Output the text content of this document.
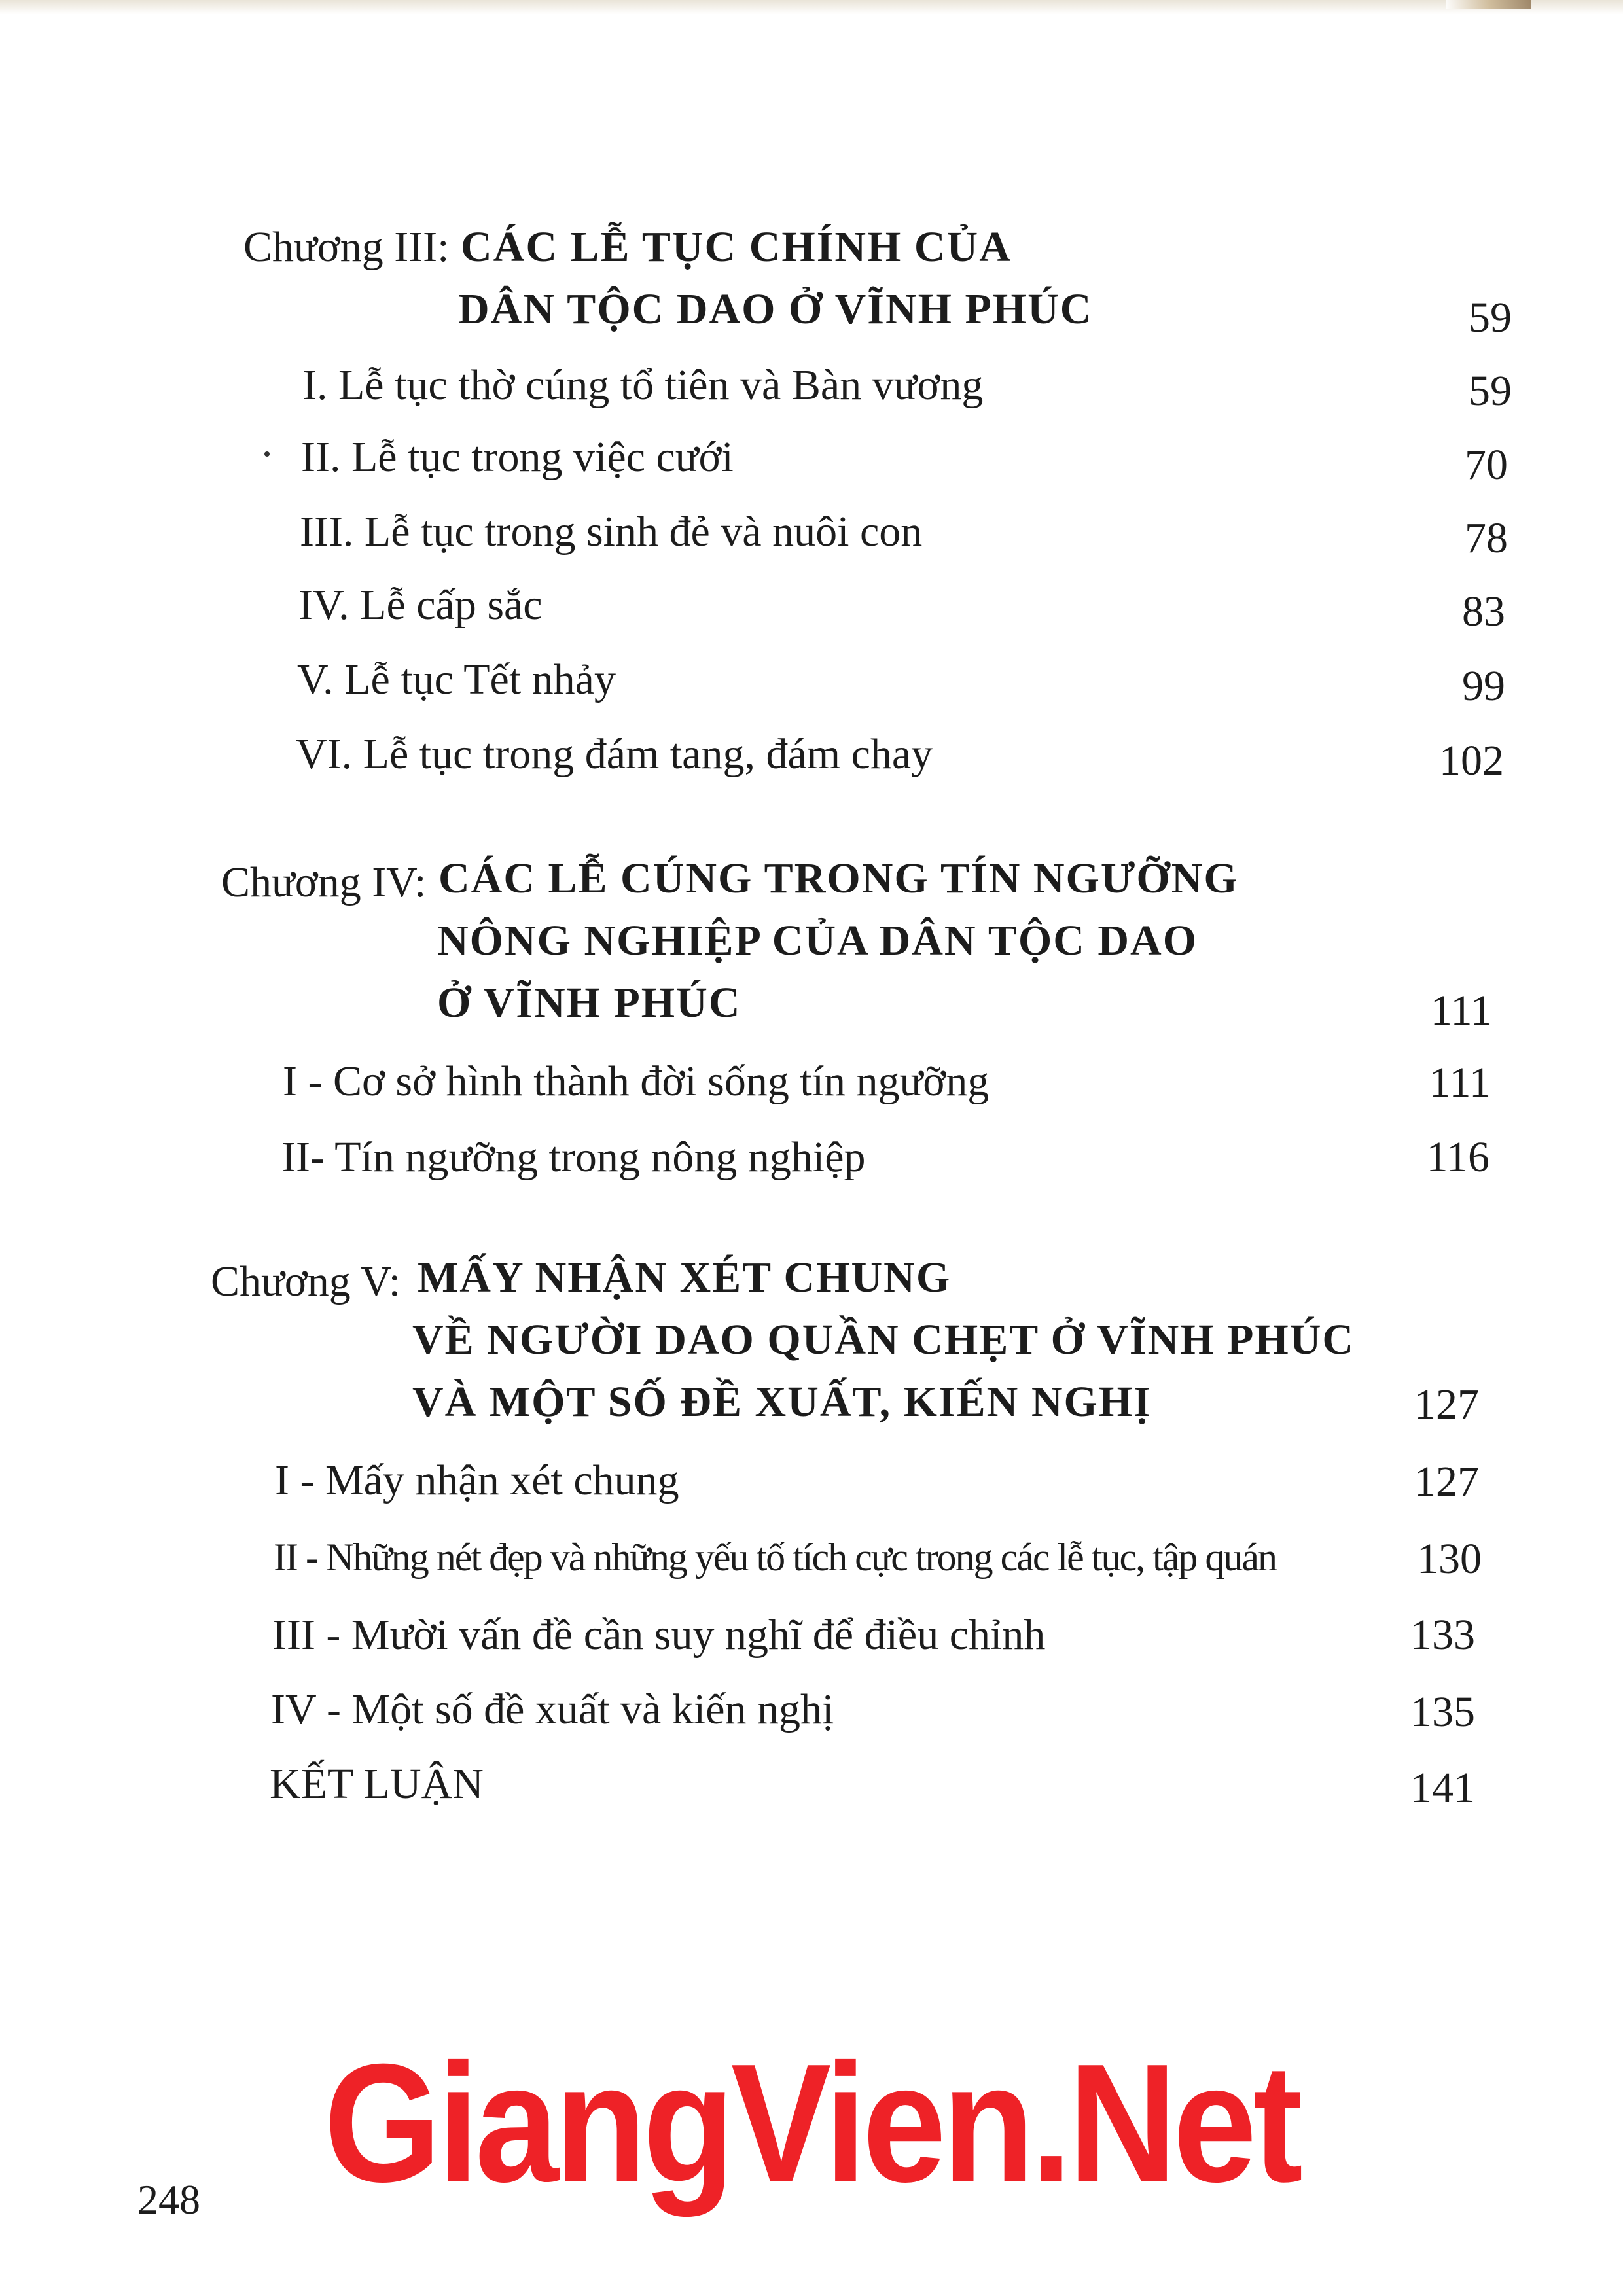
Chương III: CÁC LỄ TỤC CHÍNH CỦA
DÂN TỘC DAO Ở VĨNH PHÚC	59
I. Lễ tục thờ cúng tổ tiên và Bàn vương	59
II. Lễ tục trong việc cưới	70
III. Lễ tục trong sinh đẻ và nuôi con	78
IV. Lễ cấp sắc	83
V. Lễ tục Tết nhảy	99
VI. Lễ tục trong đám tang, đám chay	102
Chương IV: CÁC LỄ CÚNG TRONG TÍN NGƯỠNG
NÔNG NGHIỆP CỦA DÂN TỘC DAO
Ở VĨNH PHÚC	111
I - Cơ sở hình thành đời sống tín ngưỡng	111
II- Tín ngưỡng trong nông nghiệp	116
Chương V: MẤY NHẬN XÉT CHUNG
VỀ NGƯỜI DAO QUẦN CHẸT Ở VĨNH PHÚC
VÀ MỘT SỐ ĐỀ XUẤT, KIẾN NGHỊ	127
I - Mấy nhận xét chung	127
II - Những nét đẹp và những yếu tố tích cực trong các lễ tục, tập quán	130
III - Mười vấn đề cần suy nghĩ để điều chỉnh	133
IV - Một số đề xuất và kiến nghị	135
KẾT LUẬN	141
GiangVien.Net
248
